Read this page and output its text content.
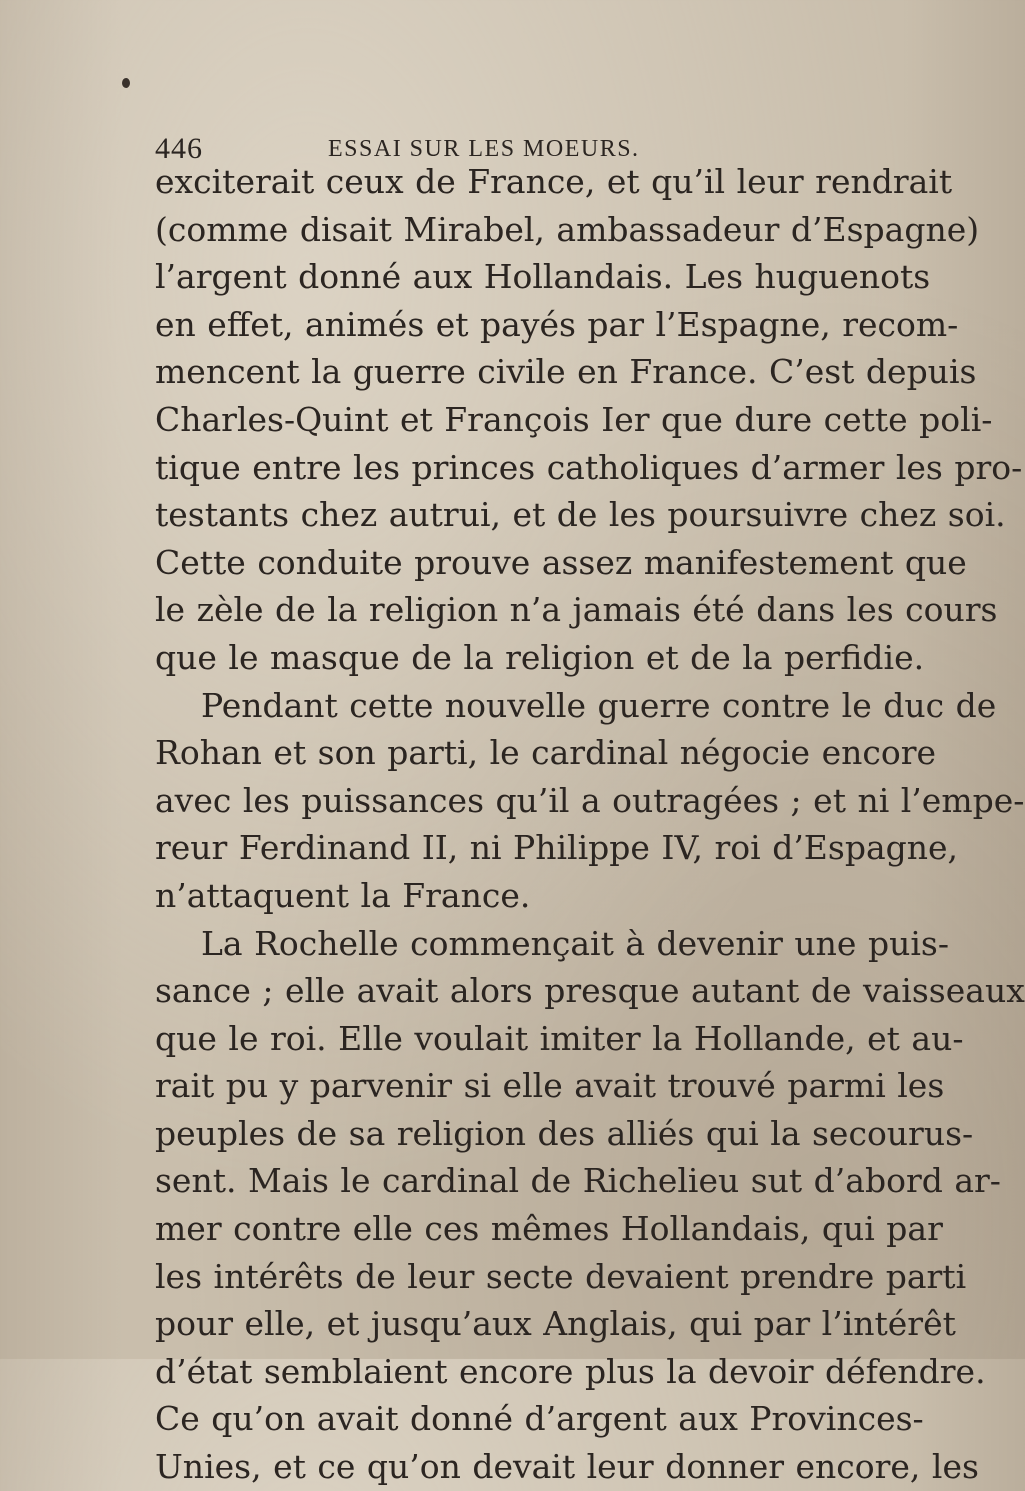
446	ESSAI SUR LES MOEURS.
exciterait ceux de France, et qu’il leur rendrait
(comme disait Mirabel, ambassadeur d’Espagne)
l’argent donné aux Hollandais. Les huguenots
en effet, animés et payés par l’Espagne, recom-
mencent la guerre civile en France. C’est depuis
Charles-Quint et François Ier que dure cette poli-
tique entre les princes catholiques d’armer les pro-
testants chez autrui, et de les poursuivre chez soi.
Cette conduite prouve assez manifestement que
le zèle de la religion n’a jamais été dans les cours
que le masque de la religion et de la perfidie.
Pendant cette nouvelle guerre contre le duc de
Rohan et son parti, le cardinal négocie encore
avec les puissances qu’il a outragées ; et ni l’empe-
reur Ferdinand II, ni Philippe IV, roi d’Espagne,
n’attaquent la France.
La Rochelle commençait à devenir une puis-
sance ; elle avait alors presque autant de vaisseaux
que le roi. Elle voulait imiter la Hollande, et au-
rait pu y parvenir si elle avait trouvé parmi les
peuples de sa religion des alliés qui la secourus-
sent. Mais le cardinal de Richelieu sut d’abord ar-
mer contre elle ces mêmes Hollandais, qui par
les intérêts de leur secte devaient prendre parti
pour elle, et jusqu’aux Anglais, qui par l’intérêt
d’état semblaient encore plus la devoir défendre.
Ce qu’on avait donné d’argent aux Provinces-
Unies, et ce qu’on devait leur donner encore, les
